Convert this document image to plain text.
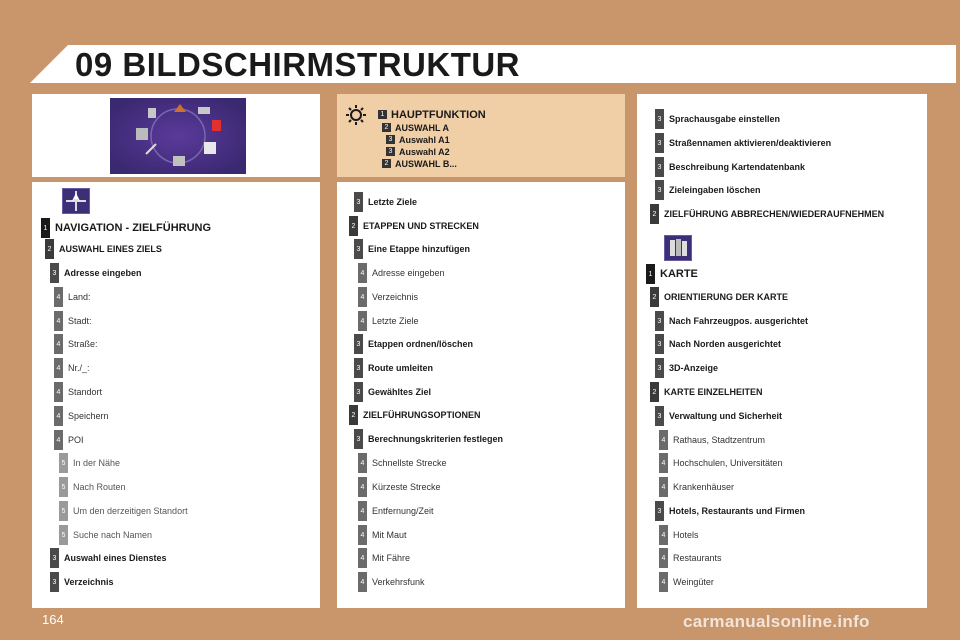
09 BILDSCHIRMSTRUKTUR
1 HAUPTFUNKTION
2 AUSWAHL A
3 Auswahl A1
3 Auswahl A2
2 AUSWAHL B...
1 NAVIGATION - ZIELFÜHRUNG
2 AUSWAHL EINES ZIELS
3 Adresse eingeben
4 Land:
4 Stadt:
4 Straße:
4 Nr./_:
4 Standort
4 Speichern
4 POI
5 In der Nähe
5 Nach Routen
5 Um den derzeitigen Standort
5 Suche nach Namen
3 Auswahl eines Dienstes
3 Verzeichnis
3 Letzte Ziele
2 ETAPPEN UND STRECKEN
3 Eine Etappe hinzufügen
4 Adresse eingeben
4 Verzeichnis
4 Letzte Ziele
3 Etappen ordnen/löschen
3 Route umleiten
3 Gewähltes Ziel
2 ZIELFÜHRUNGSOPTIONEN
3 Berechnungskriterien festlegen
4 Schnellste Strecke
4 Kürzeste Strecke
4 Entfernung/Zeit
4 Mit Maut
4 Mit Fähre
4 Verkehrsfunk
3 Sprachausgabe einstellen
3 Straßennamen aktivieren/deaktivieren
3 Beschreibung Kartendatenbank
3 Zieleingaben löschen
2 ZIELFÜHRUNG ABBRECHEN/WIEDERAUFNEHMEN
1 KARTE
2 ORIENTIERUNG DER KARTE
3 Nach Fahrzeugpos. ausgerichtet
3 Nach Norden ausgerichtet
3 3D-Anzeige
2 KARTE EINZELHEITEN
3 Verwaltung und Sicherheit
4 Rathaus, Stadtzentrum
4 Hochschulen, Universitäten
4 Krankenhäuser
3 Hotels, Restaurants und Firmen
4 Hotels
4 Restaurants
4 Weingüter
164	carmanualsonline.info
